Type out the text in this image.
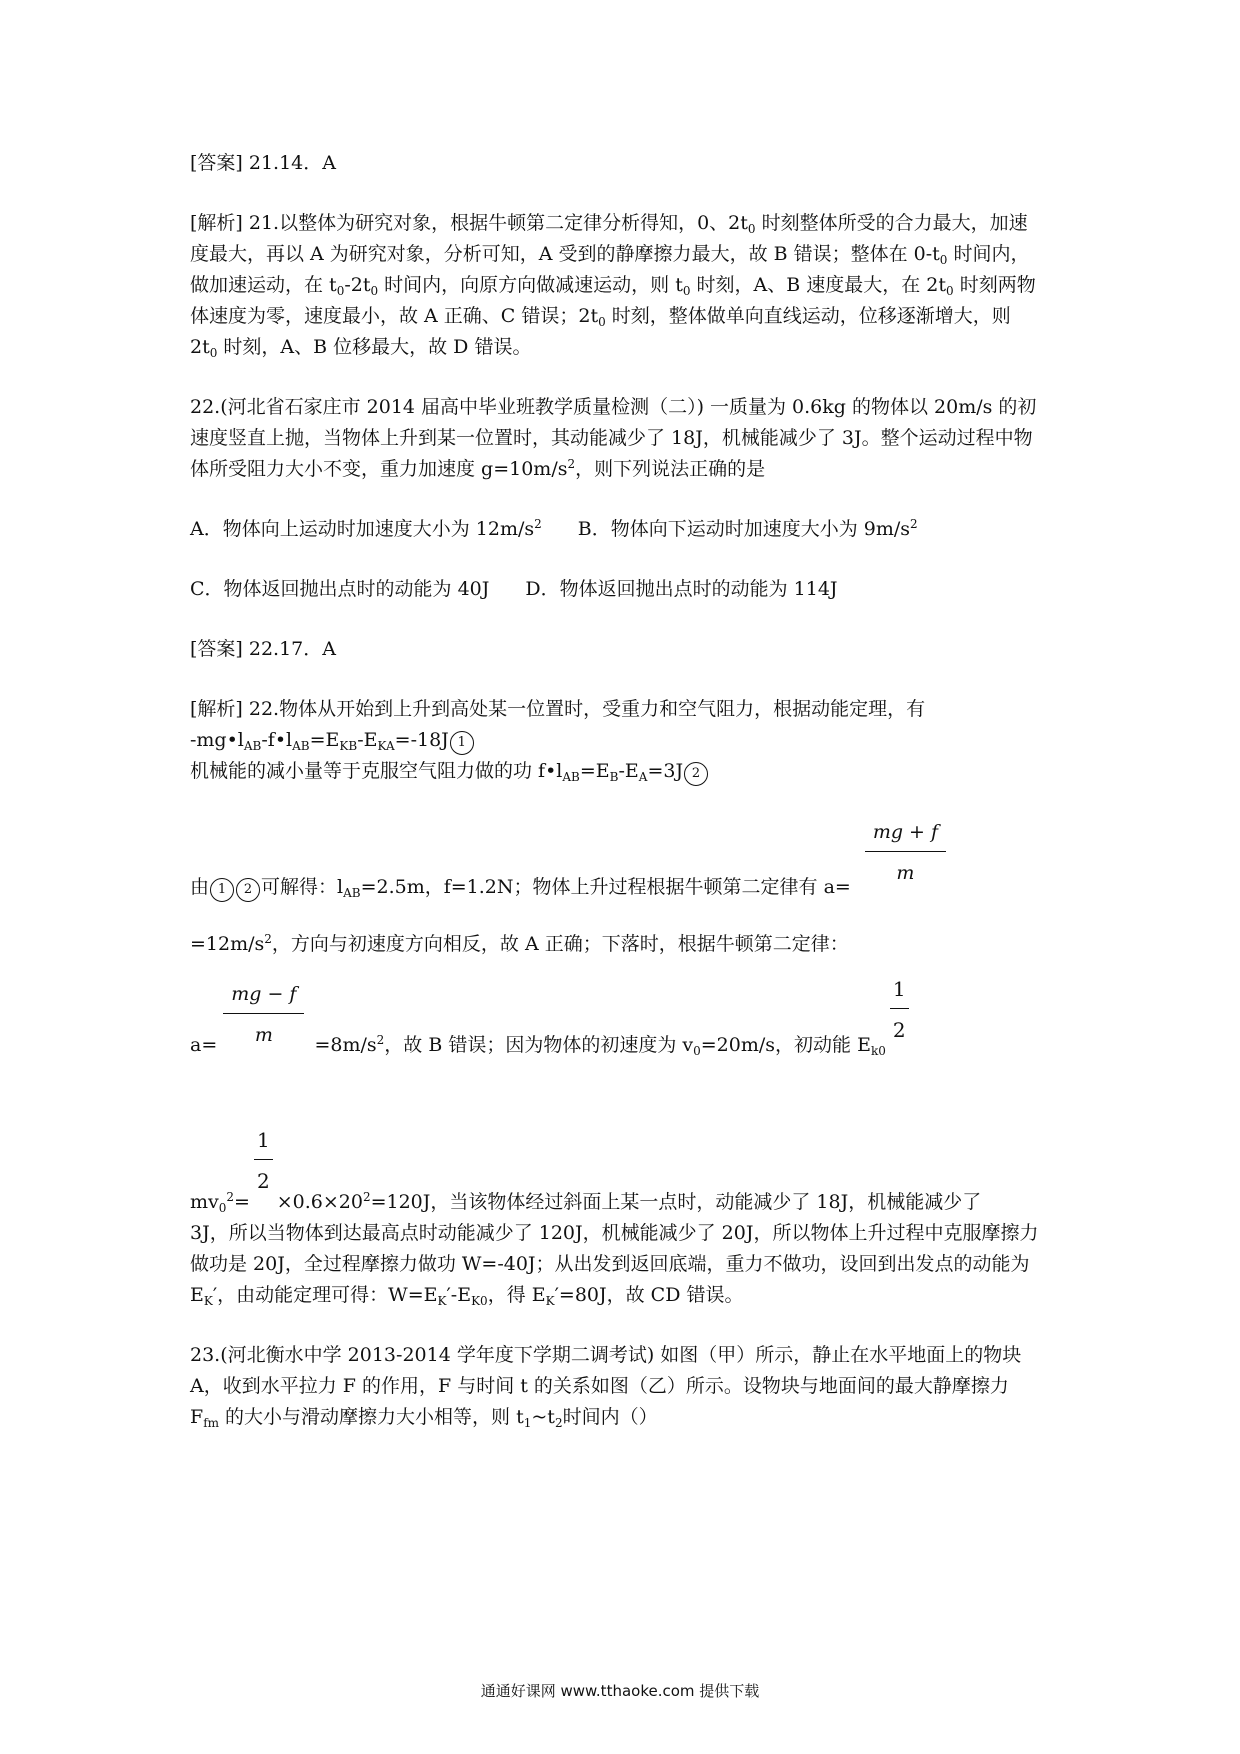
[答案] 21.14．A

[解析] 21.以整体为研究对象，根据牛顿第二定律分析得知，0、$2t_0$ 时刻整体所受的合力最大，加速度最大，再以 A 为研究对象，分析可知，A 受到的静摩擦力最大，故 B 错误；整体在 $0-t_0$ 时间内，做加速运动，在 $t_0-2t_0$ 时间内，向原方向做减速运动，则 $t_0$ 时刻，A、B 速度最大，在 $2t_0$ 时刻两物体速度为零，速度最小，故 A 正确、C 错误；$2t_0$ 时刻，整体做单向直线运动，位移逐渐增大，则 $2t_0$ 时刻，A、B 位移最大，故 D 错误。

22.(河北省石家庄市 2014 届高中毕业班教学质量检测（二）) 一质量为 0.6kg 的物体以 20m/s 的初速度竖直上抛，当物体上升到某一位置时，其动能减少了 18J，机械能减少了 3J。整个运动过程中物体所受阻力大小不变，重力加速度 $g=10m/s^2$，则下列说法正确的是

A．物体向上运动时加速度大小为 $12m/s^2$ B．物体向下运动时加速度大小为 $9m/s^2$
C．物体返回抛出点时的动能为 40J D．物体返回抛出点时的动能为 114J

[答案] 22.17．A

[解析] 22.物体从开始到上升到高处某一位置时，受重力和空气阻力，根据动能定理，有

$-mg•l_{AB}-f•l_{AB}=E_{KB}-E_{KA}=-18J$ 1

机械能的减小量等于克服空气阻力做的功 $f•l_{AB}=E_B-E_A=3J$ 2

由 1 2 可解得：$l_{AB}=2.5m$，f=1.2N；物体上升过程根据牛顿第二定律有 $a= \frac{mg + f}{m}$

$=12m/s^2$，方向与初速度方向相反，故 A 正确；下落时，根据牛顿第二定律：

$a= \frac{mg - f}{m} =8m/s^2$，故 B 错误；因为物体的初速度为 $v_0=20m/s$，初动能 $E_{k0}$
$\frac{1}{2}$

$mv_0^2=$
$\frac{1}{2}$
$\times 0.6\times 20^2=120J$，当该物体经过斜面上某一点时，动能减少了 18J，机械能减少了

3J，所以当物体到达最高点时动能减少了 120J，机械能减少了 20J，所以物体上升过程中克服摩擦力做功是 20J，全过程摩擦力做功 W=-40J；从出发到返回底端，重力不做功，设回到出发点的动能为 $E_K'$，由动能定理可得：$W=E_K'-E_{K0}$，得 $E_K'=80J$，故 CD 错误。

23.(河北衡水中学 2013-2014 学年度下学期二调考试) 如图（甲）所示，静止在水平地面上的物块 A，收到水平拉力 F 的作用，F 与时间 t 的关系如图（乙）所示。设物块与地面间的最大静摩擦力 $F_{fm}$ 的大小与滑动摩擦力大小相等，则 $t_1\sim t_2$时间内（）

通通好课网 www.tthaoke.com 提供下载
